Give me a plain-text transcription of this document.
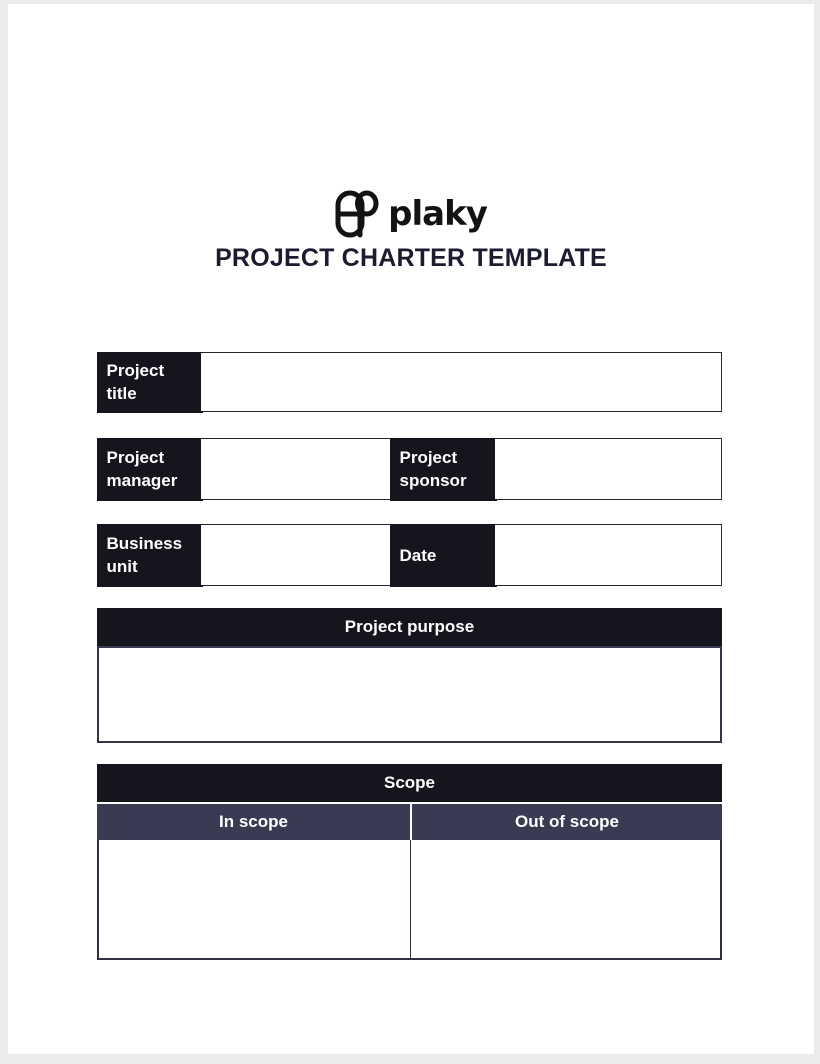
plaky
PROJECT CHARTER TEMPLATE
Project title
Project manager
Project sponsor
Business unit
Date
Project purpose
Scope
In scope	Out of scope
